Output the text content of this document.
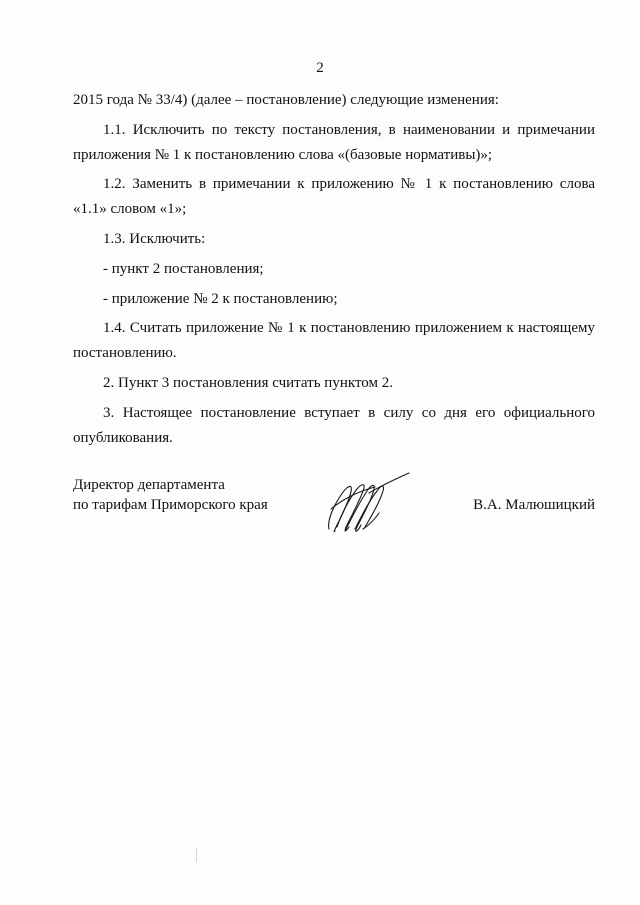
2

2015 года № 33/4) (далее – постановление) следующие изменения:

1.1. Исключить по тексту постановления, в наименовании и примечании приложения № 1 к постановлению слова «(базовые нормативы)»;

1.2. Заменить в примечании к приложению № 1 к постановлению слова «1.1» словом «1»;

1.3. Исключить:

- пункт 2 постановления;

- приложение № 2 к постановлению;

1.4. Считать приложение № 1 к постановлению приложением к настоящему постановлению.

2. Пункт 3 постановления считать пунктом 2.

3. Настоящее постановление вступает в силу со дня его официального опубликования.

Директор департамента
по тарифам Приморского края	В.А. Малюшицкий
